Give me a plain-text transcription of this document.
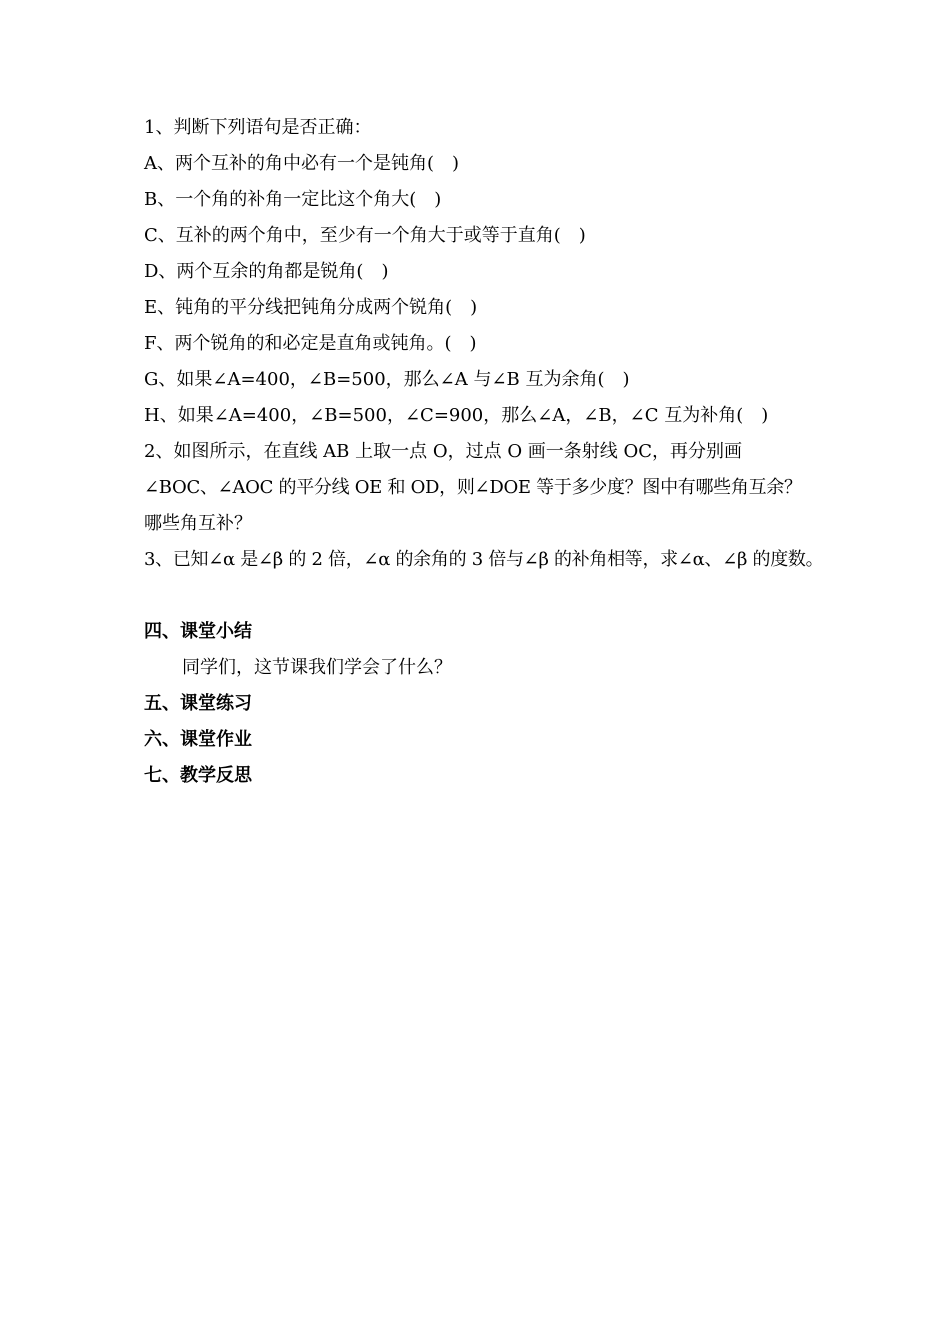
1、判断下列语句是否正确：
A、两个互补的角中必有一个是钝角(　)
B、一个角的补角一定比这个角大(　)
C、互补的两个角中，至少有一个角大于或等于直角(　)
D、两个互余的角都是锐角(　)
E、钝角的平分线把钝角分成两个锐角(　)
F、两个锐角的和必定是直角或钝角。(　)
G、如果∠A=400，∠B=500，那么∠A 与∠B 互为余角(　)
H、如果∠A=400，∠B=500，∠C=900，那么∠A，∠B，∠C 互为补角(　)
2、如图所示，在直线 AB 上取一点 O，过点 O 画一条射线 OC，再分别画
∠BOC、∠AOC 的平分线 OE 和 OD，则∠DOE 等于多少度？图中有哪些角互余？
哪些角互补？
3、已知∠α 是∠β 的 2 倍，∠α 的余角的 3 倍与∠β 的补角相等，求∠α、∠β 的度数。
四、课堂小结
同学们，这节课我们学会了什么？
五、课堂练习
六、课堂作业
七、教学反思
